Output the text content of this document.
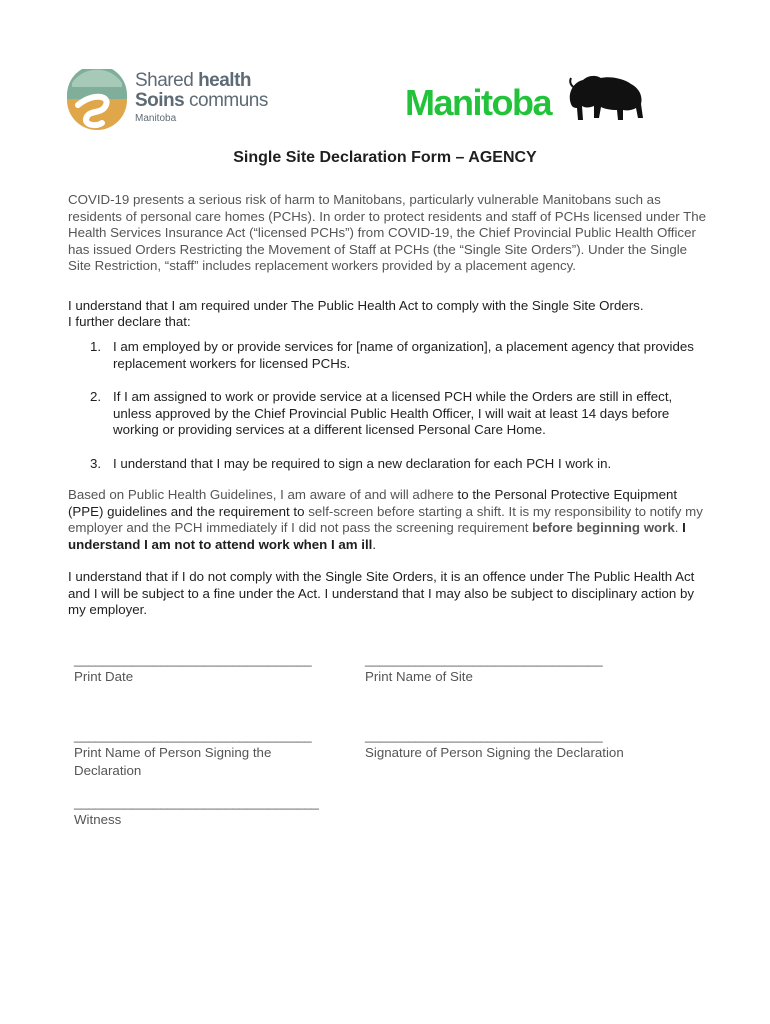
Shared health
Soins communs
Manitoba	Manitoba
Single Site Declaration Form – AGENCY
COVID-19 presents a serious risk of harm to Manitobans, particularly vulnerable Manitobans such as residents of personal care homes (PCHs). In order to protect residents and staff of PCHs licensed under The Health Services Insurance Act (“licensed PCHs”) from COVID-19, the Chief Provincial Public Health Officer has issued Orders Restricting the Movement of Staff at PCHs (the “Single Site Orders”). Under the Single Site Restriction, “staff” includes replacement workers provided by a placement agency.
I understand that I am required under The Public Health Act to comply with the Single Site Orders.
I further declare that:
1. I am employed by or provide services for [name of organization], a placement agency that provides replacement workers for licensed PCHs.
2. If I am assigned to work or provide service at a licensed PCH while the Orders are still in effect, unless approved by the Chief Provincial Public Health Officer, I will wait at least 14 days before working or providing services at a different licensed Personal Care Home.
3. I understand that I may be required to sign a new declaration for each PCH I work in.
Based on Public Health Guidelines, I am aware of and will adhere to the Personal Protective Equipment (PPE) guidelines and the requirement to self-screen before starting a shift. It is my responsibility to notify my employer and the PCH immediately if I did not pass the screening requirement before beginning work. I understand I am not to attend work when I am ill.
I understand that if I do not comply with the Single Site Orders, it is an offence under The Public Health Act and I will be subject to a fine under the Act. I understand that I may also be subject to disciplinary action by my employer.
_________________________________
Print Date
_________________________________
Print Name of Site
_________________________________
Print Name of Person Signing the Declaration
_________________________________
Signature of Person Signing the Declaration
__________________________________
Witness
